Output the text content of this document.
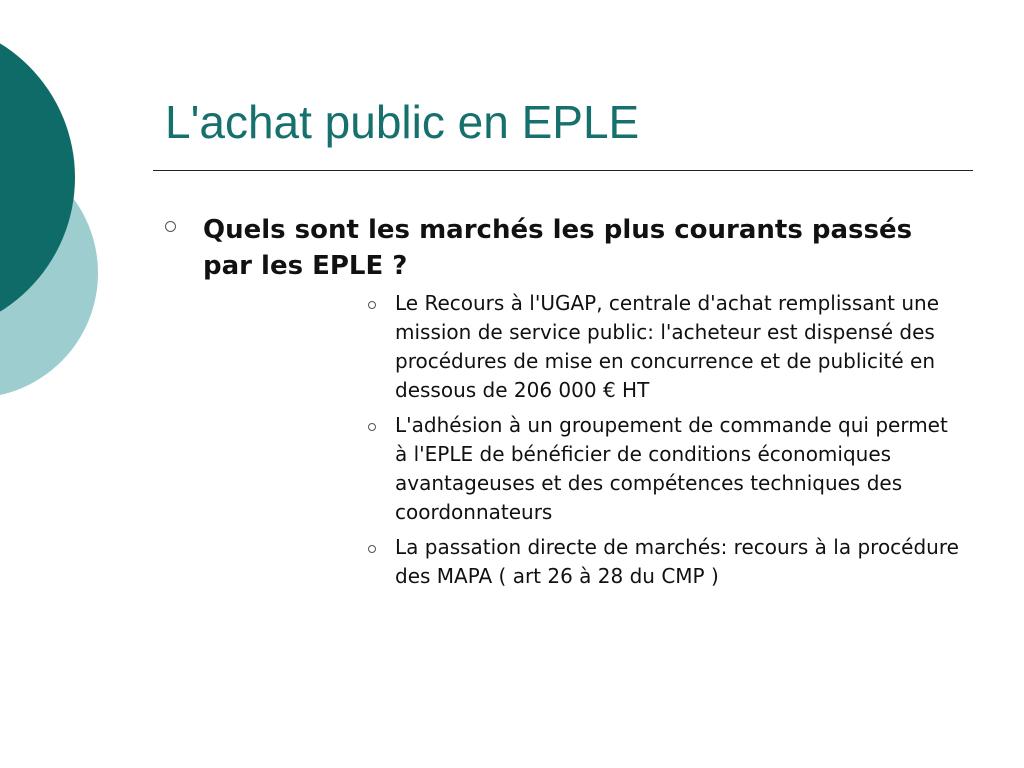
L'achat public en EPLE
Quels sont les marchés les plus courants passés par les EPLE ?
Le Recours à l'UGAP, centrale d'achat remplissant une mission de service public: l'acheteur est dispensé des procédures de mise en concurrence et de publicité en dessous de 206 000 € HT
L'adhésion à un groupement de commande qui permet à l'EPLE de bénéficier de conditions économiques avantageuses et des compétences techniques des coordonnateurs
La passation directe de marchés: recours à la procédure des MAPA ( art 26 à 28 du CMP )
